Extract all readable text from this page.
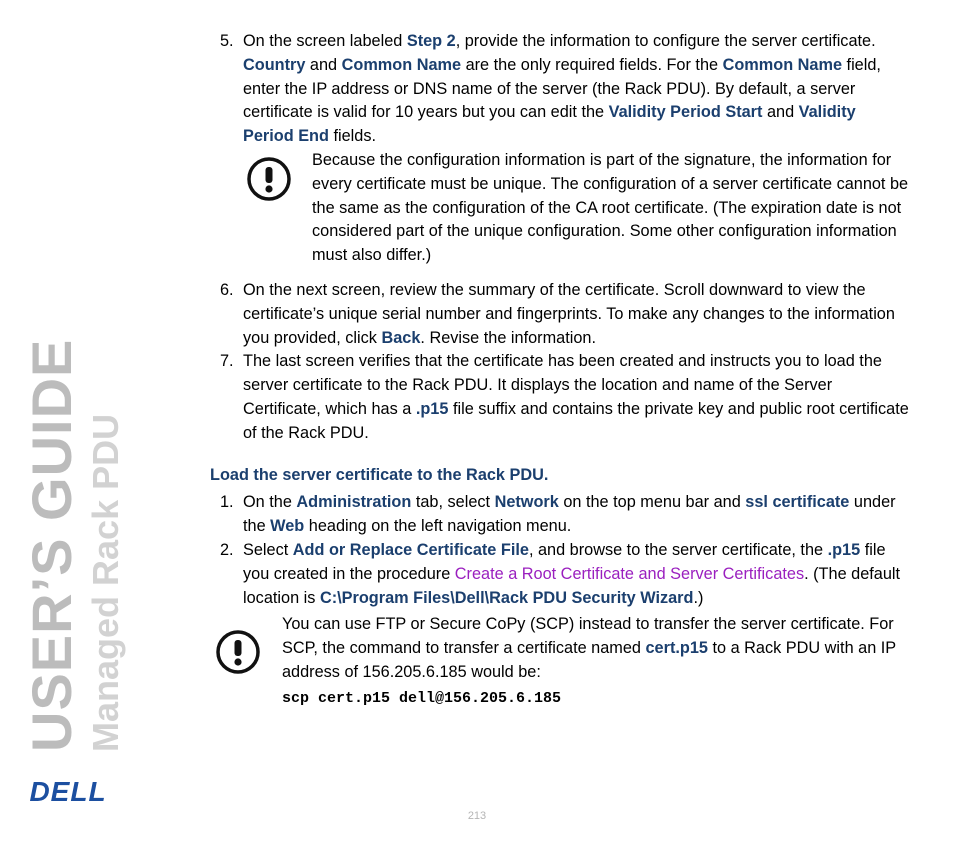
USER’S GUIDE Managed Rack PDU
DELL
5. On the screen labeled Step 2, provide the information to configure the server certificate. Country and Common Name are the only required fields. For the Common Name field, enter the IP address or DNS name of the server (the Rack PDU). By default, a server certificate is valid for 10 years but you can edit the Validity Period Start and Validity Period End fields.
Because the configuration information is part of the signature, the information for every certificate must be unique. The configuration of a server certificate cannot be the same as the configuration of the CA root certificate. (The expiration date is not considered part of the unique configuration. Some other configuration information must also differ.)
6. On the next screen, review the summary of the certificate. Scroll downward to view the certificate’s unique serial number and fingerprints. To make any changes to the information you provided, click Back. Revise the information.
7. The last screen verifies that the certificate has been created and instructs you to load the server certificate to the Rack PDU. It displays the location and name of the Server Certificate, which has a .p15 file suffix and contains the private key and public root certificate of the Rack PDU.
Load the server certificate to the Rack PDU.
1. On the Administration tab, select Network on the top menu bar and ssl certificate under the Web heading on the left navigation menu.
2. Select Add or Replace Certificate File, and browse to the server certificate, the .p15 file you created in the procedure Create a Root Certificate and Server Certificates. (The default location is C:\Program Files\Dell\Rack PDU Security Wizard.)
You can use FTP or Secure CoPy (SCP) instead to transfer the server certificate. For SCP, the command to transfer a certificate named cert.p15 to a Rack PDU with an IP address of 156.205.6.185 would be:
scp cert.p15 dell@156.205.6.185
213
